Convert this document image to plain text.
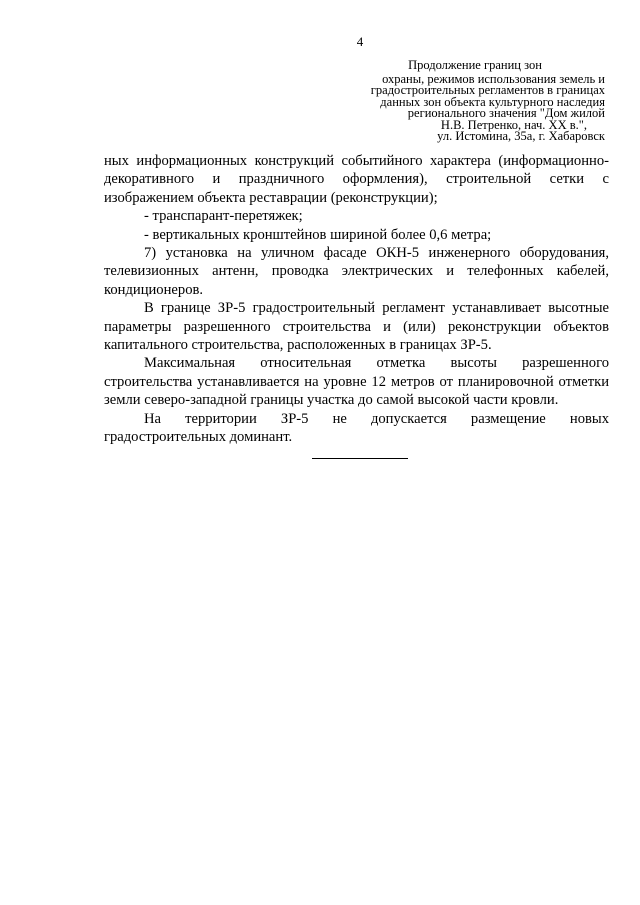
4
Продолжение границ зон
охраны, режимов использования земель и
градостроительных регламентов в границах
данных зон объекта культурного наследия
регионального значения "Дом жилой
Н.В. Петренко, нач. XX в.",
ул. Истомина, 35а, г. Хабаровск

ных информационных конструкций событийного характера (информационно-декоративного и праздничного оформления), строительной сетки с изображением объекта реставрации (реконструкции);

- транспарант-перетяжек;

- вертикальных кронштейнов шириной более 0,6 метра;

7) установка на уличном фасаде ОКН-5 инженерного оборудования, телевизионных антенн, проводка электрических и телефонных кабелей, кондиционеров.

В границе ЗР-5 градостроительный регламент устанавливает высотные параметры разрешенного строительства и (или) реконструкции объектов капитального строительства, расположенных в границах ЗР-5.

Максимальная относительная отметка высоты разрешенного строительства устанавливается на уровне 12 метров от планировочной отметки земли северо-западной границы участка до самой высокой части кровли.

На территории ЗР-5 не допускается размещение новых градостроительных доминант.
